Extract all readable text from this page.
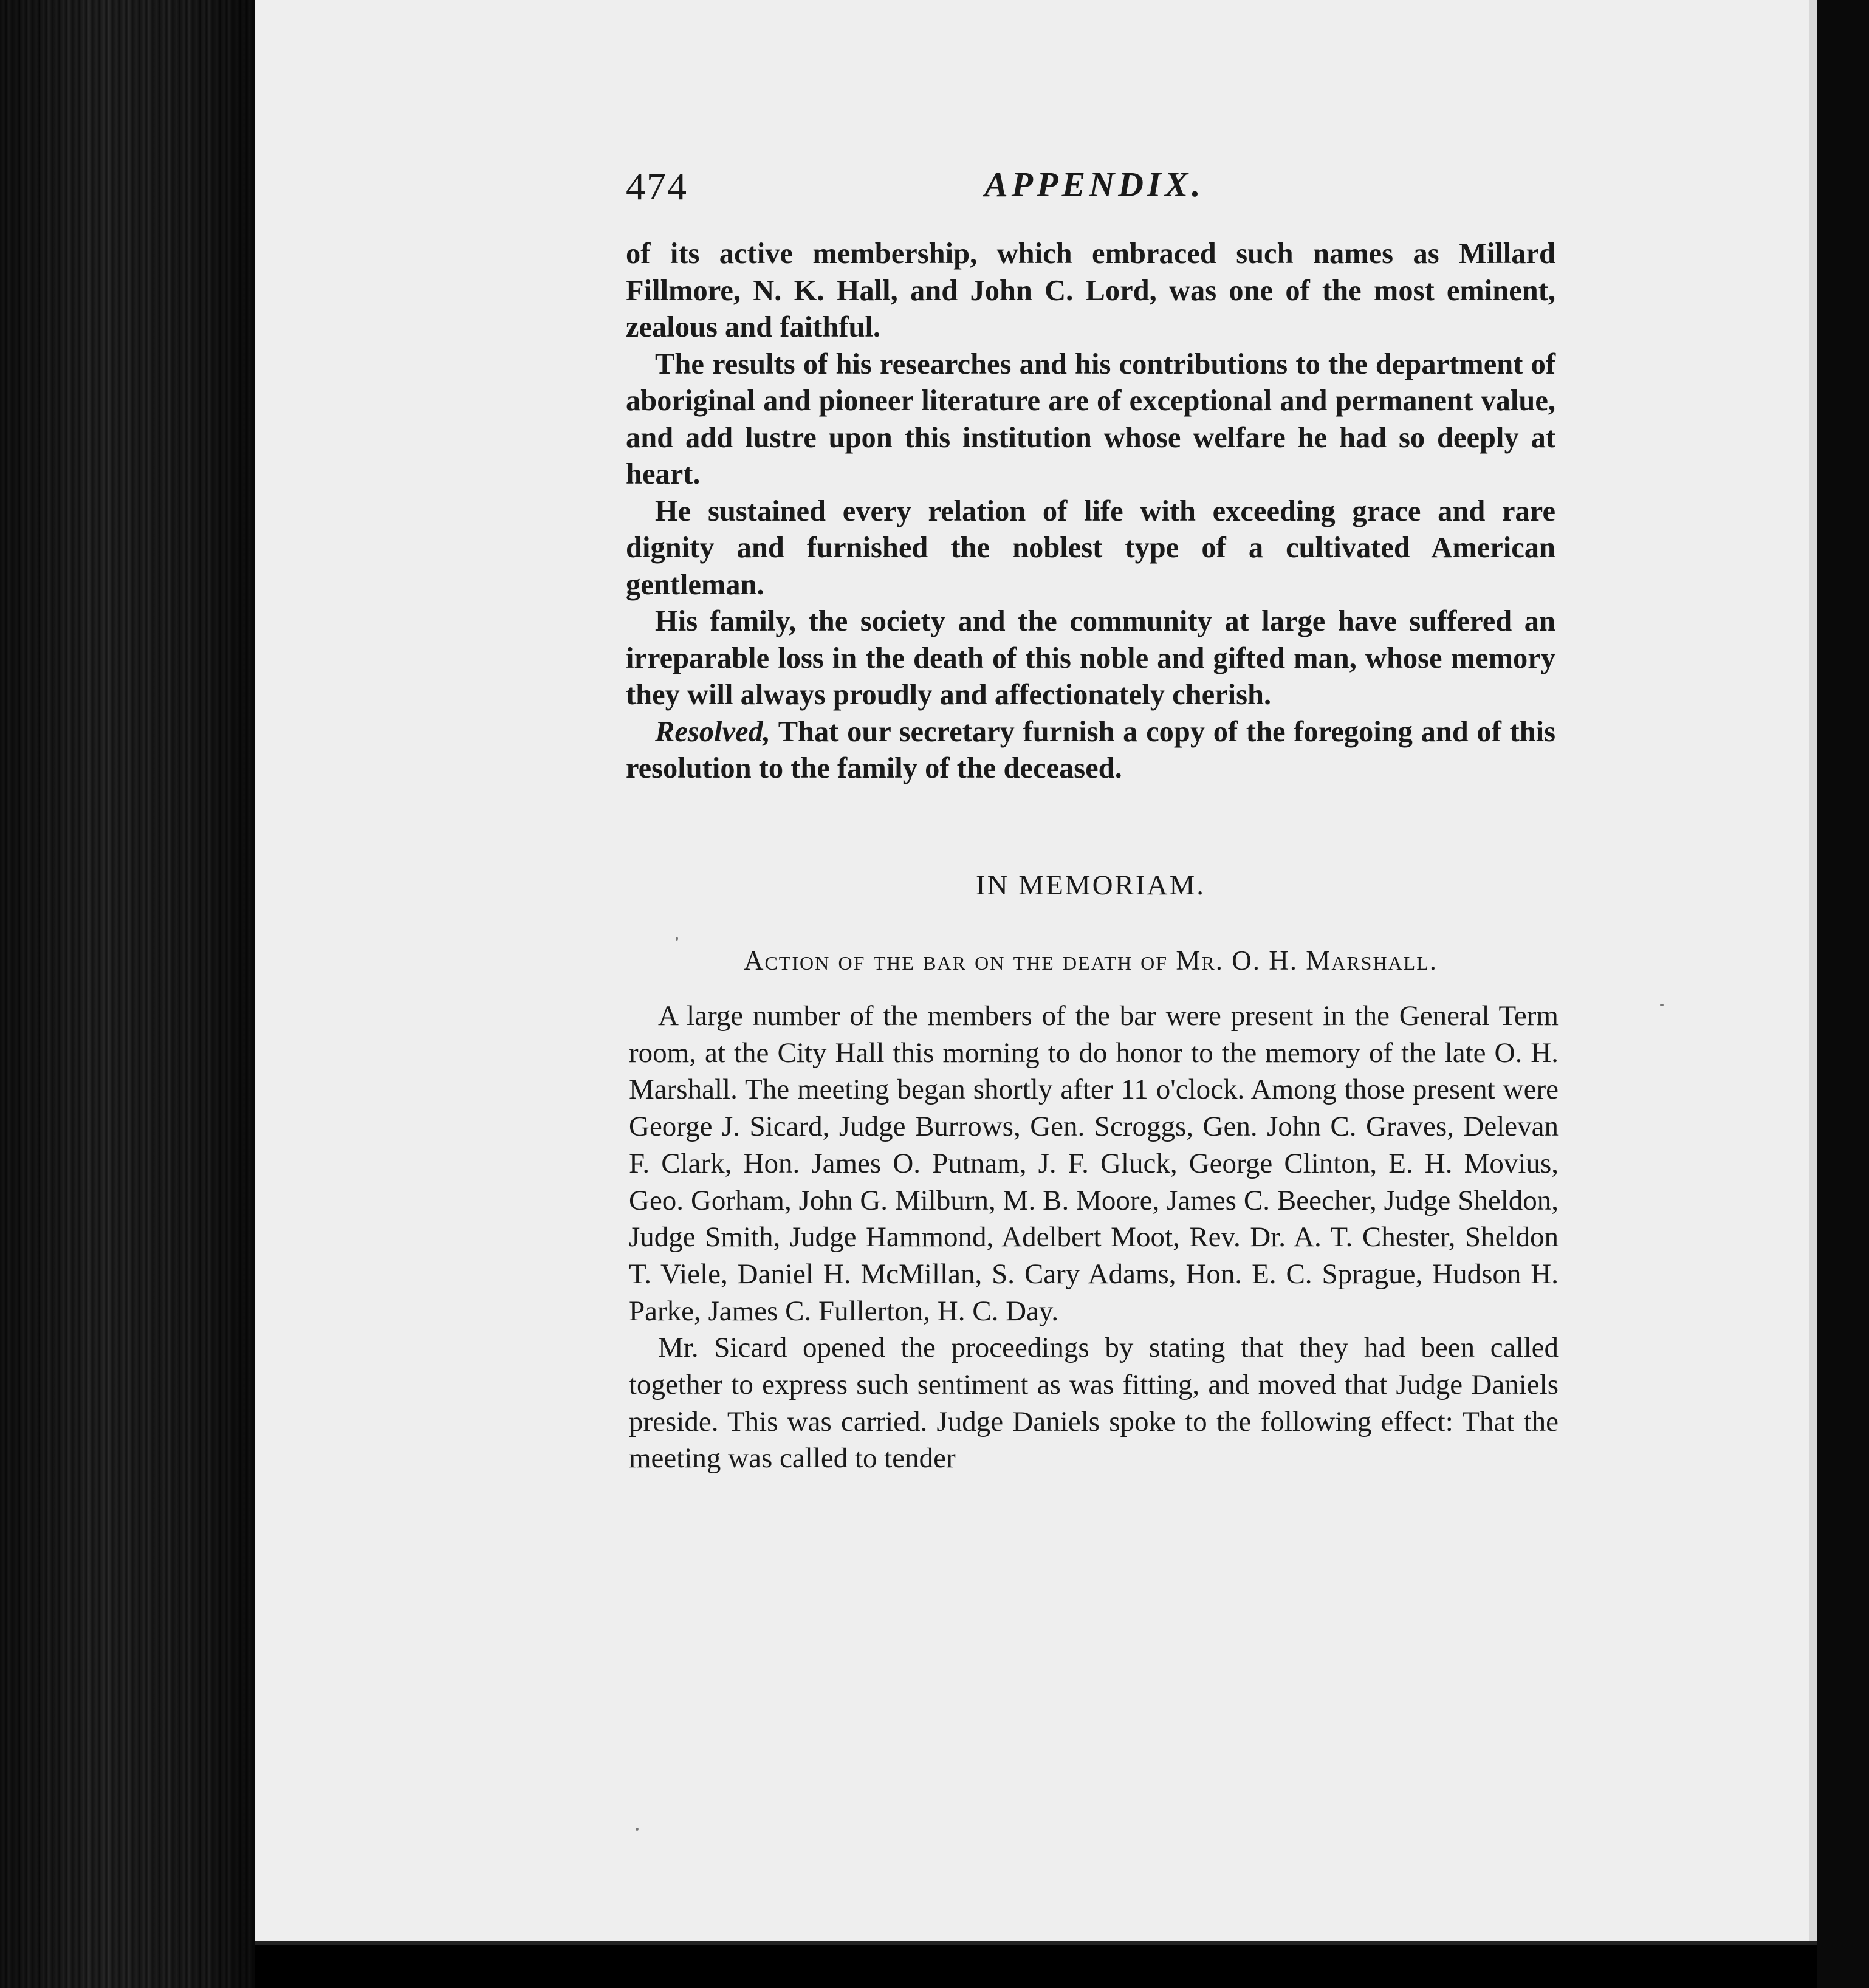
474	APPENDIX.

of its active membership, which embraced such names as Millard Fillmore, N. K. Hall, and John C. Lord, was one of the most eminent, zealous and faithful.

The results of his researches and his contributions to the department of aboriginal and pioneer literature are of exceptional and permanent value, and add lustre upon this institution whose welfare he had so deeply at heart.

He sustained every relation of life with exceeding grace and rare dignity and furnished the noblest type of a cultivated American gentleman.

His family, the society and the community at large have suffered an irreparable loss in the death of this noble and gifted man, whose memory they will always proudly and affectionately cherish.

Resolved, That our secretary furnish a copy of the foregoing and of this resolution to the family of the deceased.

IN MEMORIAM.
Action of the bar on the death of Mr. O. H. Marshall.

A large number of the members of the bar were present in the General Term room, at the City Hall this morning to do honor to the memory of the late O. H. Marshall. The meeting began shortly after 11 o'clock. Among those present were George J. Sicard, Judge Burrows, Gen. Scroggs, Gen. John C. Graves, Delevan F. Clark, Hon. James O. Putnam, J. F. Gluck, George Clinton, E. H. Movius, Geo. Gorham, John G. Milburn, M. B. Moore, James C. Beecher, Judge Sheldon, Judge Smith, Judge Hammond, Adelbert Moot, Rev. Dr. A. T. Chester, Sheldon T. Viele, Daniel H. McMillan, S. Cary Adams, Hon. E. C. Sprague, Hudson H. Parke, James C. Fullerton, H. C. Day.

Mr. Sicard opened the proceedings by stating that they had been called together to express such sentiment as was fitting, and moved that Judge Daniels preside. This was carried. Judge Daniels spoke to the following effect: That the meeting was called to tender
